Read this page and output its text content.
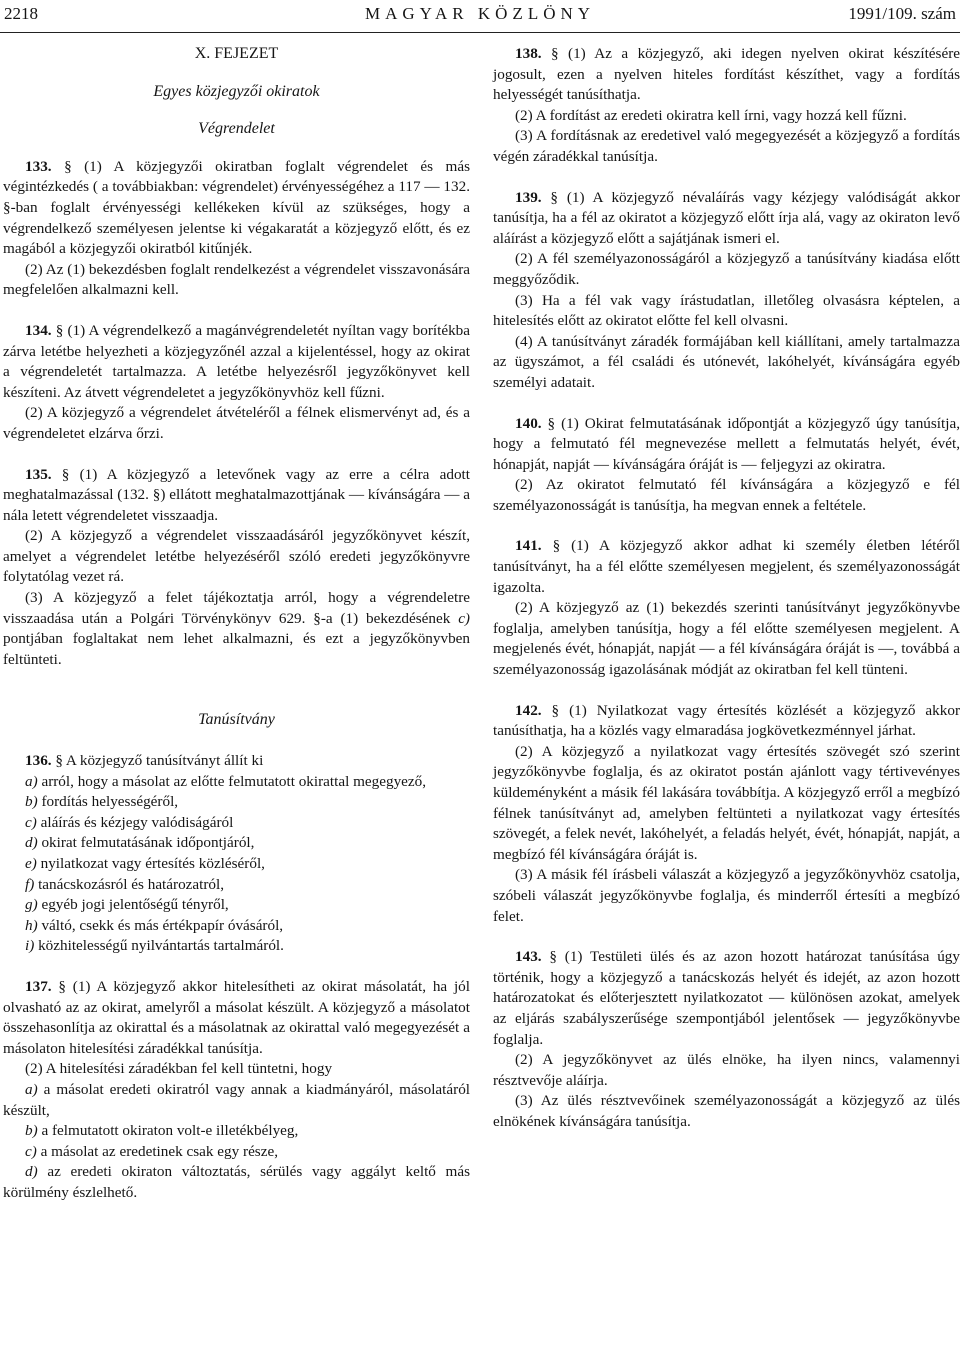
2218	MAGYAR KÖZLÖNY	1991/109. szám
X. FEJEZET
Egyes közjegyzői okiratok
Végrendelet

133. § (1) A közjegyzői okiratban foglalt végrendelet és más végintézkedés ( a továbbiakban: végrendelet) érvényességéhez a 117 — 132. §-ban foglalt érvényességi kellékeken kívül az szükséges, hogy a végrendelkező személyesen jelentse ki végakaratát a közjegyző előtt, és ez magából a közjegyzői okiratból kitűnjék.

(2) Az (1) bekezdésben foglalt rendelkezést a végrendelet visszavonására megfelelően alkalmazni kell.

134. § (1) A végrendelkező a magánvégrendeletét nyíltan vagy borítékba zárva letétbe helyezheti a közjegyzőnél azzal a kijelentéssel, hogy az okirat a végrendeletét tartalmazza. A letétbe helyezésről jegyzőkönyvet kell készíteni. Az átvett végrendeletet a jegyzőkönyvhöz kell fűzni.

(2) A közjegyző a végrendelet átvételéről a félnek elismervényt ad, és a végrendeletet elzárva őrzi.

135. § (1) A közjegyző a letevőnek vagy az erre a célra adott meghatalmazással (132. §) ellátott meghatalmazottjának — kívánságára — a nála letett végrendeletet visszaadja.

(2) A közjegyző a végrendelet visszaadásáról jegyzőkönyvet készít, amelyet a végrendelet letétbe helyezéséről szóló eredeti jegyzőkönyvre folytatólag vezet rá.

(3) A közjegyző a felet tájékoztatja arról, hogy a végrendeletre visszaadása után a Polgári Törvénykönyv 629. §-a (1) bekezdésének c) pontjában foglaltakat nem lehet alkalmazni, és ezt a jegyzőkönyvben feltünteti.

Tanúsítvány

136. § A közjegyző tanúsítványt állít ki

a) arról, hogy a másolat az előtte felmutatott okirattal megegyező,

b) fordítás helyességéről,

c) aláírás és kézjegy valódiságáról

d) okirat felmutatásának időpontjáról,

e) nyilatkozat vagy értesítés közléséről,

f) tanácskozásról és határozatról,

g) egyéb jogi jelentőségű tényről,

h) váltó, csekk és más értékpapír óvásáról,

i) közhitelességű nyilvántartás tartalmáról.

137. § (1) A közjegyző akkor hitelesítheti az okirat másolatát, ha jól olvasható az az okirat, amelyről a másolat készült. A közjegyző a másolatot összehasonlítja az okirattal és a másolatnak az okirattal való megegyezését a másolaton hitelesítési záradékkal tanúsítja.

(2) A hitelesítési záradékban fel kell tüntetni, hogy

a) a másolat eredeti okiratról vagy annak a kiadmányáról, másolatáról készült,

b) a felmutatott okiraton volt-e illetékbélyeg,

c) a másolat az eredetinek csak egy része,

d) az eredeti okiraton változtatás, sérülés vagy aggályt keltő más körülmény észlelhető.

138. § (1) Az a közjegyző, aki idegen nyelven okirat készítésére jogosult, ezen a nyelven hiteles fordítást készíthet, vagy a fordítás helyességét tanúsíthatja.

(2) A fordítást az eredeti okiratra kell írni, vagy hozzá kell fűzni.

(3) A fordításnak az eredetivel való megegyezését a közjegyző a fordítás végén záradékkal tanúsítja.

139. § (1) A közjegyző névaláírás vagy kézjegy valódiságát akkor tanúsítja, ha a fél az okiratot a közjegyző előtt írja alá, vagy az okiraton levő aláírást a közjegyző előtt a sajátjának ismeri el.

(2) A fél személyazonosságáról a közjegyző a tanúsítvány kiadása előtt meggyőződik.

(3) Ha a fél vak vagy írástudatlan, illetőleg olvasásra képtelen, a hitelesítés előtt az okiratot előtte fel kell olvasni.

(4) A tanúsítványt záradék formájában kell kiállítani, amely tartalmazza az ügyszámot, a fél családi és utónevét, lakóhelyét, kívánságára egyéb személyi adatait.

140. § (1) Okirat felmutatásának időpontját a közjegyző úgy tanúsítja, hogy a felmutató fél megnevezése mellett a felmutatás helyét, évét, hónapját, napját — kívánságára óráját is — feljegyzi az okiratra.

(2) Az okiratot felmutató fél kívánságára a közjegyző e fél személyazonosságát is tanúsítja, ha megvan ennek a feltétele.

141. § (1) A közjegyző akkor adhat ki személy életben létéről tanúsítványt, ha a fél előtte személyesen megjelent, és személyazonosságát igazolta.

(2) A közjegyző az (1) bekezdés szerinti tanúsítványt jegyzőkönyvbe foglalja, amelyben tanúsítja, hogy a fél előtte személyesen megjelent. A megjelenés évét, hónapját, napját — a fél kívánságára óráját is —, továbbá a személyazonosság igazolásának módját az okiratban fel kell tünteni.

142. § (1) Nyilatkozat vagy értesítés közlését a közjegyző akkor tanúsíthatja, ha a közlés vagy elmaradása jogkövetkezménnyel járhat.

(2) A közjegyző a nyilatkozat vagy értesítés szövegét szó szerint jegyzőkönyvbe foglalja, és az okiratot postán ajánlott vagy tértivevényes küldeményként a másik fél lakására továbbítja. A közjegyző erről a megbízó félnek tanúsítványt ad, amelyben feltünteti a nyilatkozat vagy értesítés szövegét, a felek nevét, lakóhelyét, a feladás helyét, évét, hónapját, napját, a megbízó fél kívánságára óráját is.

(3) A másik fél írásbeli válaszát a közjegyző a jegyzőkönyvhöz csatolja, szóbeli válaszát jegyzőkönyvbe foglalja, és minderről értesíti a megbízó felet.

143. § (1) Testületi ülés és az azon hozott határozat tanúsítása úgy történik, hogy a közjegyző a tanácskozás helyét és idejét, az azon hozott határozatokat és előterjesztett nyilatkozatot — különösen azokat, amelyek az eljárás szabályszerűsége szempontjából jelentősek — jegyzőkönyvbe foglalja.

(2) A jegyzőkönyvet az ülés elnöke, ha ilyen nincs, valamennyi résztvevője aláírja.

(3) Az ülés résztvevőinek személyazonosságát a közjegyző az ülés elnökének kívánságára tanúsítja.
